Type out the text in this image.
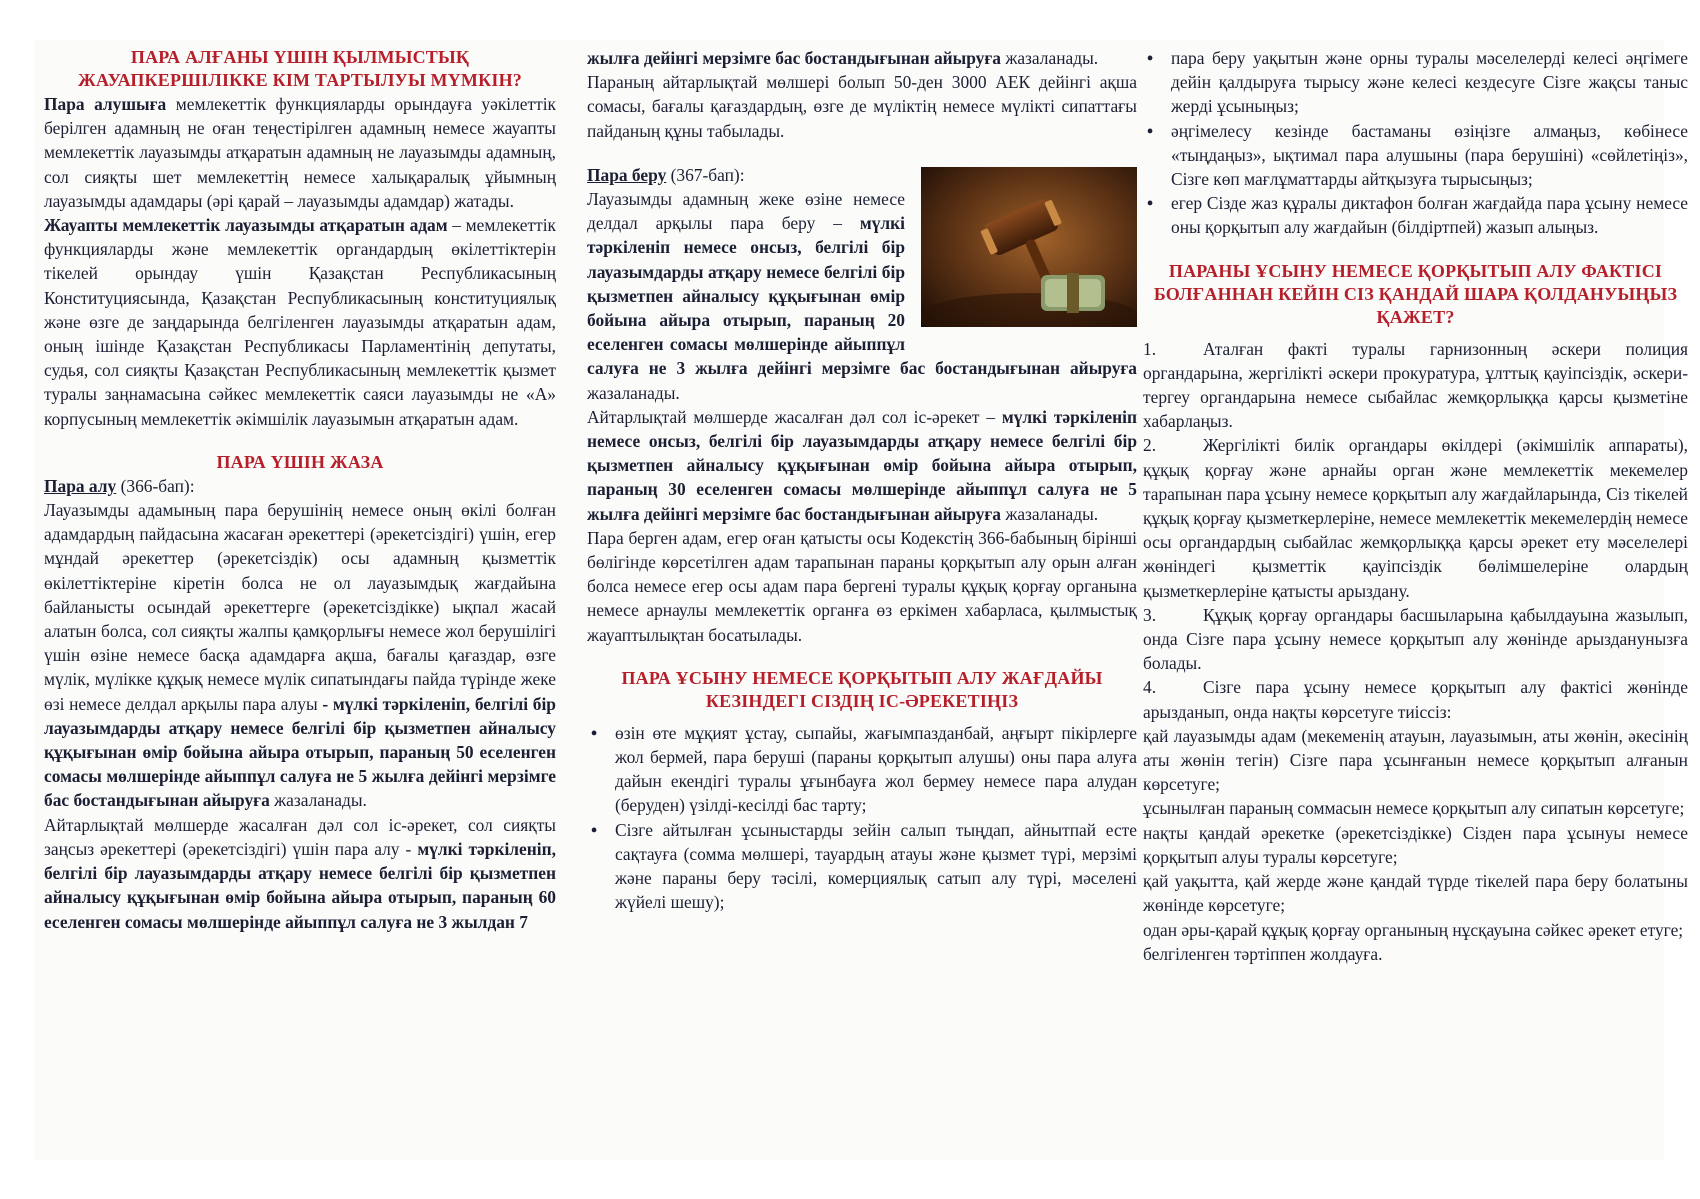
ПАРА АЛҒАНЫ ҮШІН ҚЫЛМЫСТЫҚ ЖАУАПКЕРШІЛІККЕ КІМ ТАРТЫЛУЫ МҮМКІН?

Пара алушыға мемлекеттік функцияларды орындауға уәкілеттік берілген адамның не оған теңестірілген адамның немесе жауапты мемлекеттік лауазымды атқаратын адамның не лауазымды адамның, сол сияқты шет мемлекеттің немесе халықаралық ұйымның лауазымды адамдары (әрі қарай – лауазымды адамдар) жатады.

Жауапты мемлекеттік лауазымды атқаратын адам – мемлекеттік функцияларды және мемлекеттік органдардың өкілеттіктерін тікелей орындау үшін Қазақстан Республикасының Конституциясында, Қазақстан Республикасының конституциялық және өзге де заңдарында белгіленген лауазымды атқаратын адам, оның ішінде Қазақстан Республикасы Парламентінің депутаты, судья, сол сияқты Қазақстан Республикасының мемлекеттік қызмет туралы заңнамасына сәйкес мемлекеттік саяси лауазымды не «А» корпусының мемлекеттік әкімшілік лауазымын атқаратын адам.

ПАРА ҮШІН ЖАЗА

Пара алу (366-бап):

Лауазымды адамының пара берушінің немесе оның өкілі болған адамдардың пайдасына жасаған әрекеттері (әрекетсіздігі) үшін, егер мұндай әрекеттер (әрекетсіздік) осы адамның қызметтік өкілеттіктеріне кіретін болса не ол лауазымдық жағдайына байланысты осындай әрекеттерге (әрекетсіздікке) ықпал жасай алатын болса, сол сияқты жалпы қамқорлығы немесе жол берушілігі үшін өзіне немесе басқа адамдарға ақша, бағалы қағаздар, өзге мүлік, мүлікке құқық немесе мүлік сипатындағы пайда түрінде жеке өзі немесе делдал арқылы пара алуы - мүлкі тәркіленіп, белгілі бір лауазымдарды атқару немесе белгілі бір қызметпен айналысу құқығынан өмір бойына айыра отырып, параның 50 еселенген сомасы мөлшерінде айыппұл салуға не 5 жылға дейінгі мерзімге бас бостандығынан айыруға жазаланады.

Айтарлықтай мөлшерде жасалған дәл сол іс-әрекет, сол сияқты заңсыз әрекеттері (әрекетсіздігі) үшін пара алу - мүлкі тәркіленіп, белгілі бір лауазымдарды атқару немесе белгілі бір қызметпен айналысу құқығынан өмір бойына айыра отырып, параның 60 еселенген сомасы мөлшерінде айыппұл салуға не 3 жылдан 7

жылға дейінгі мерзімге бас бостандығынан айыруға жазаланады.

Параның айтарлықтай мөлшері болып 50-ден 3000 АЕК дейінгі ақша сомасы, бағалы қағаздардың, өзге де мүліктің немесе мүлікті сипаттағы пайданың құны табылады.

Пара беру (367-бап):

Лауазымды адамның жеке өзіне немесе делдал арқылы пара беру – мүлкі тәркіленіп немесе онсыз, белгілі бір лауазымдарды атқару немесе белгілі бір қызметпен айналысу құқығынан өмір бойына айыра отырып, параның 20 еселенген сомасы мөлшерінде айыппұл салуға не 3 жылға дейінгі мерзімге бас бостандығынан айыруға жазаланады.

Айтарлықтай мөлшерде жасалған дәл сол іс-әрекет – мүлкі тәркіленіп немесе онсыз, белгілі бір лауазымдарды атқару немесе белгілі бір қызметпен айналысу құқығынан өмір бойына айыра отырып, параның 30 еселенген сомасы мөлшерінде айыппұл салуға не 5 жылға дейінгі мерзімге бас бостандығынан айыруға жазаланады.

Пара берген адам, егер оған қатысты осы Кодекстің 366-бабының бірінші бөлігінде көрсетілген адам тарапынан параны қорқытып алу орын алған болса немесе егер осы адам пара бергені туралы құқық қорғау органына немесе арнаулы мемлекеттік органға өз еркімен хабарласа, қылмыстық жауаптылықтан босатылады.

ПАРА ҰСЫНУ НЕМЕСЕ ҚОРҚЫТЫП АЛУ ЖАҒДАЙЫ КЕЗІНДЕГІ СІЗДІҢ ІС-ӘРЕКЕТІҢІЗ

• өзін өте мұқият ұстау, сыпайы, жағымпазданбай, аңғырт пікірлерге жол бермей, пара беруші (параны қорқытып алушы) оны пара алуға дайын екендігі туралы ұғынбауға жол бермеу немесе пара алудан (беруден) үзілді-кесілді бас тарту;

• Сізге айтылған ұсыныстарды зейін салып тыңдап, айнытпай есте сақтауға (сомма мөлшері, тауардың атауы және қызмет түрі, мерзімі және параны беру тәсілі, комерциялық сатып алу түрі, мәселені жүйелі шешу);

• пара беру уақытын және орны туралы мәселелерді келесі әңгімеге дейін қалдыруға тырысу және келесі кездесуге Сізге жақсы таныс жерді ұсыныңыз;

• әңгімелесу кезінде бастаманы өзіңізге алмаңыз, көбінесе «тыңдаңыз», ықтимал пара алушыны (пара берушіні) «сөйлетіңіз», Сізге көп мағлұматтарды айтқызуға тырысыңыз;

• егер Сізде жаз құралы диктафон болған жағдайда пара ұсыну немесе оны қорқытып алу жағдайын (білдіртпей) жазып алыңыз.

ПАРАНЫ ҰСЫНУ НЕМЕСЕ ҚОРҚЫТЫП АЛУ ФАКТІСІ БОЛҒАННАН КЕЙІН СІЗ ҚАНДАЙ ШАРА ҚОЛДАНУЫҢЫЗ ҚАЖЕТ?

1.	Аталған факті туралы гарнизонның әскери полиция органдарына, жергілікті әскери прокуратура, ұлттық қауіпсіздік, әскери-тергеу органдарына немесе сыбайлас жемқорлыққа қарсы қызметіне хабарлаңыз.

2.	Жергілікті билік органдары өкілдері (әкімшілік аппараты), құқық қорғау және арнайы орган және мемлекеттік мекемелер тарапынан пара ұсыну немесе қорқытып алу жағдайларында, Сіз тікелей құқық қорғау қызметкерлеріне, немесе мемлекеттік мекемелердің немесе осы органдардың сыбайлас жемқорлыққа қарсы әрекет ету мәселелері жөніндегі қызметтік қауіпсіздік бөлімшелеріне олардың қызметкерлеріне қатысты арыздану.

3.	Құқық қорғау органдары басшыларына қабылдауына жазылып, онда Сізге пара ұсыну немесе қорқытып алу жөнінде арызданунызға болады.

4.	Сізге пара ұсыну немесе қорқытып алу фактісі жөнінде арызданып, онда нақты көрсетуге тиіссіз:

қай лауазымды адам (мекеменің атауын, лауазымын, аты жөнін, әкесінің аты жөнін тегін) Сізге пара ұсынғанын немесе қорқытып алғанын көрсетуге;

ұсынылған параның соммасын немесе қорқытып алу сипатын көрсетуге;

нақты қандай әрекетке (әрекетсіздікке) Сізден пара ұсынуы немесе қорқытып алуы туралы көрсетуге;

қай уақытта, қай жерде және қандай түрде тікелей пара беру болатыны жөнінде көрсетуге;

одан әры-қарай құқық қорғау органының нұсқауына сәйкес әрекет етуге;

белгіленген тәртіппен жолдауға.
